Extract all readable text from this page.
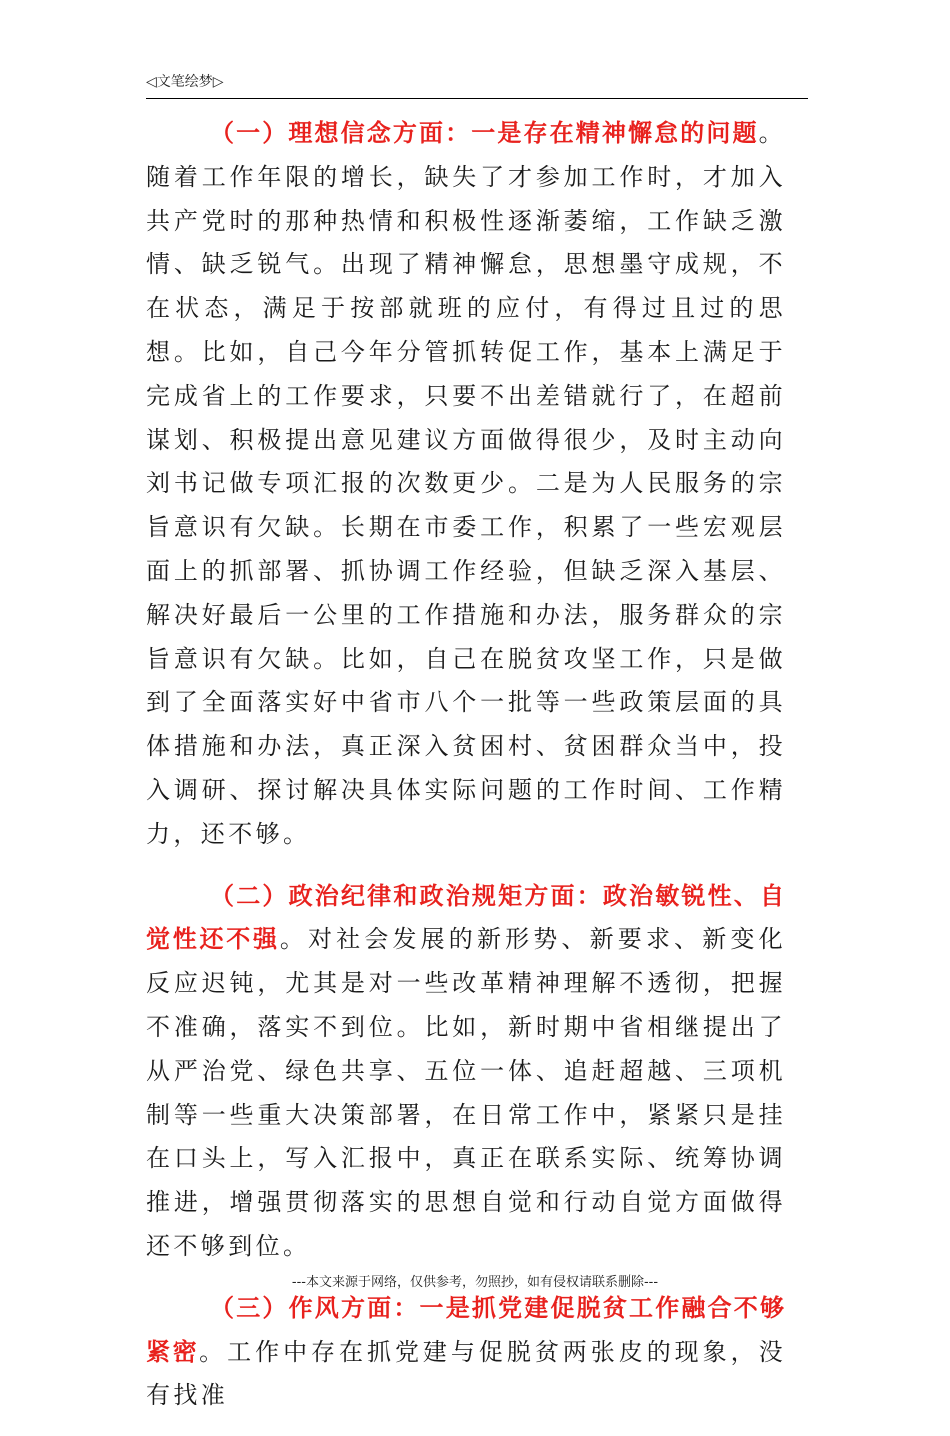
◁文笔绘梦▷

（一）理想信念方面：一是存在精神懈怠的问题。随着工作年限的增长，缺失了才参加工作时，才加入共产党时的那种热情和积极性逐渐萎缩，工作缺乏激情、缺乏锐气。出现了精神懈怠，思想墨守成规，不在状态，满足于按部就班的应付，有得过且过的思想。比如，自己今年分管抓转促工作，基本上满足于完成省上的工作要求，只要不出差错就行了，在超前谋划、积极提出意见建议方面做得很少，及时主动向刘书记做专项汇报的次数更少。二是为人民服务的宗旨意识有欠缺。长期在市委工作，积累了一些宏观层面上的抓部署、抓协调工作经验，但缺乏深入基层、解决好最后一公里的工作措施和办法，服务群众的宗旨意识有欠缺。比如，自己在脱贫攻坚工作，只是做到了全面落实好中省市八个一批等一些政策层面的具体措施和办法，真正深入贫困村、贫困群众当中，投入调研、探讨解决具体实际问题的工作时间、工作精力，还不够。

（二）政治纪律和政治规矩方面：政治敏锐性、自觉性还不强。对社会发展的新形势、新要求、新变化反应迟钝，尤其是对一些改革精神理解不透彻，把握不准确，落实不到位。比如，新时期中省相继提出了从严治党、绿色共享、五位一体、追赶超越、三项机制等一些重大决策部署，在日常工作中，紧紧只是挂在口头上，写入汇报中，真正在联系实际、统筹协调推进，增强贯彻落实的思想自觉和行动自觉方面做得还不够到位。

（三）作风方面：一是抓党建促脱贫工作融合不够紧密。工作中存在抓党建与促脱贫两张皮的现象，没有找准

---本文来源于网络，仅供参考，勿照抄，如有侵权请联系删除---
